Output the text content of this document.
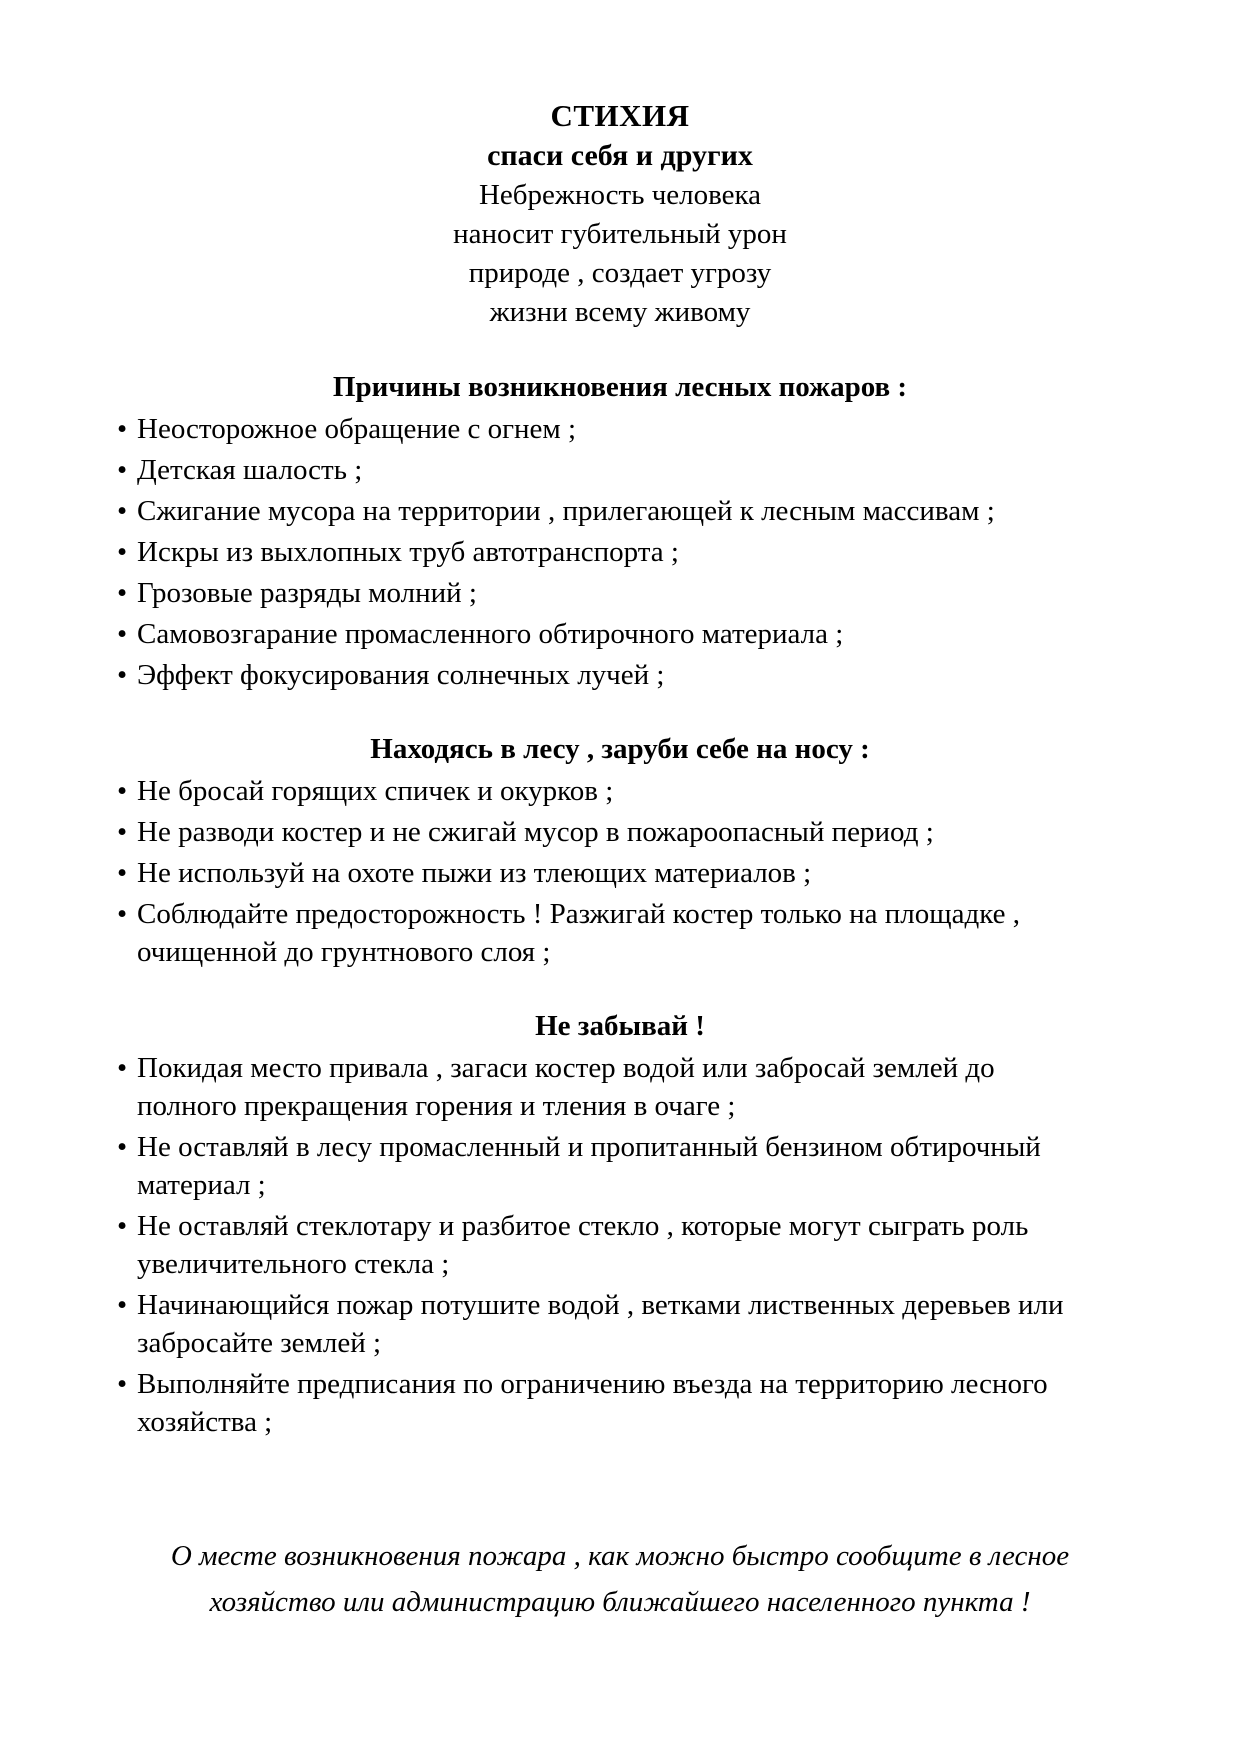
СТИХИЯ
спаси себя и других
Небрежность человека
наносит губительный урон
природе , создает угрозу
жизни всему живому
Причины возникновения лесных пожаров :
• Неосторожное обращение с огнем ;
• Детская шалость ;
• Сжигание мусора на территории , прилегающей к лесным массивам ;
• Искры из выхлопных труб автотранспорта ;
• Грозовые разряды молний ;
• Самовозгарание промасленного обтирочного материала ;
• Эффект фокусирования солнечных лучей ;
Находясь в лесу , заруби себе на носу :
• Не бросай горящих спичек и окурков ;
• Не разводи костер и не сжигай мусор в пожароопасный период ;
• Не используй на охоте пыжи из тлеющих материалов ;
• Соблюдайте предосторожность ! Разжигай костер только на площадке , очищенной до грунтнового слоя ;
Не забывай !
• Покидая место привала , загаси костер водой или забросай землей до полного прекращения горения и тления в очаге ;
• Не оставляй в лесу промасленный и пропитанный бензином обтирочный материал ;
• Не оставляй стеклотару и разбитое стекло , которые могут сыграть роль увеличительного стекла ;
• Начинающийся пожар потушите водой , ветками лиственных деревьев или забросайте землей ;
• Выполняйте предписания по ограничению въезда на территорию лесного хозяйства ;
О месте возникновения пожара , как можно быстро сообщите в лесное хозяйство или администрацию ближайшего населенного пункта !
